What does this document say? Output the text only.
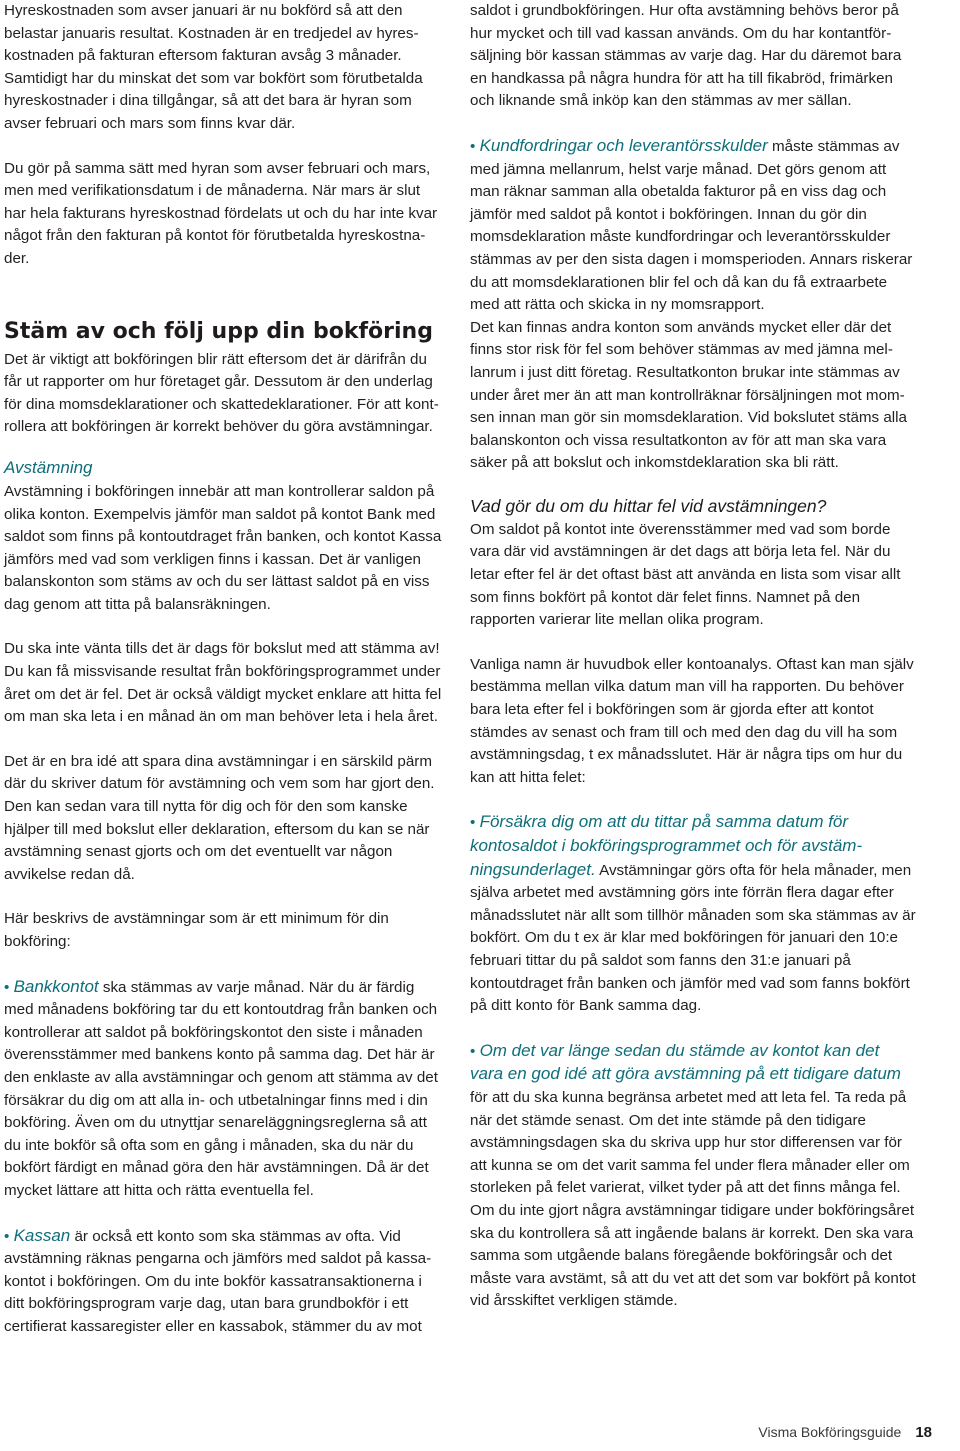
Hyreskostnaden som avser januari är nu bokförd så att den belastar januaris resultat. Kostnaden är en tredjedel av hyreskostnaden på fakturan eftersom fakturan avsåg 3 månader. Samtidigt har du minskat det som var bokfört som förutbetalda hyreskostnader i dina tillgångar, så att det bara är hyran som avser februari och mars som finns kvar där.

Du gör på samma sätt med hyran som avser februari och mars, men med verifikationsdatum i de månaderna. När mars är slut har hela fakturans hyreskostnad fördelats ut och du har inte kvar något från den fakturan på kontot för förutbetalda hyreskostnader.

Stäm av och följ upp din bokföring

Det är viktigt att bokföringen blir rätt eftersom det är därifrån du får ut rapporter om hur företaget går. Dessutom är den underlag för dina momsdeklarationer och skattedeklarationer. För att kontrollera att bokföringen är korrekt behöver du göra avstämningar.

Avstämning

Avstämning i bokföringen innebär att man kontrollerar saldon på olika konton. Exempelvis jämför man saldot på kontot Bank med saldot som finns på kontoutdraget från banken, och kontot Kassa jämförs med vad som verkligen finns i kassan. Det är vanligen balanskonton som stäms av och du ser lättast saldot på en viss dag genom att titta på balansräkningen.

Du ska inte vänta tills det är dags för bokslut med att stämma av! Du kan få missvisande resultat från bokföringsprogrammet under året om det är fel. Det är också väldigt mycket enklare att hitta fel om man ska leta i en månad än om man behöver leta i hela året.

Det är en bra idé att spara dina avstämningar i en särskild pärm där du skriver datum för avstämning och vem som har gjort den. Den kan sedan vara till nytta för dig och för den som kanske hjälper till med bokslut eller deklaration, eftersom du kan se när avstämning senast gjorts och om det eventuellt var någon avvikelse redan då.

Här beskrivs de avstämningar som är ett minimum för din bokföring:

• Bankkontot ska stämmas av varje månad. När du är färdig med månadens bokföring tar du ett kontoutdrag från banken och kontrollerar att saldot på bokföringskontot den siste i månaden överensstämmer med bankens konto på samma dag. Det här är den enklaste av alla avstämningar och genom att stämma av det försäkrar du dig om att alla in- och utbetalningar finns med i din bokföring. Även om du utnyttjar senareläggningsreglerna så att du inte bokför så ofta som en gång i månaden, ska du när du bokfört färdigt en månad göra den här avstämningen. Då är det mycket lättare att hitta och rätta eventuella fel.

• Kassan är också ett konto som ska stämmas av ofta. Vid avstämning räknas pengarna och jämförs med saldot på kassakontot i bokföringen. Om du inte bokför kassatransaktionerna i ditt bokföringsprogram varje dag, utan bara grundbokför i ett certifierat kassaregister eller en kassabok, stämmer du av mot

saldot i grundbokföringen. Hur ofta avstämning behövs beror på hur mycket och till vad kassan används. Om du har kontantförsäljning bör kassan stämmas av varje dag. Har du däremot bara en handkassa på några hundra för att ha till fikabröd, frimärken och liknande små inköp kan den stämmas av mer sällan.

• Kundfordringar och leverantörsskulder måste stämmas av med jämna mellanrum, helst varje månad. Det görs genom att man räknar samman alla obetalda fakturor på en viss dag och jämför med saldot på kontot i bokföringen. Innan du gör din momsdeklaration måste kundfordringar och leverantörsskulder stämmas av per den sista dagen i momsperioden. Annars riskerar du att momsdeklarationen blir fel och då kan du få extraarbete med att rätta och skicka in ny momsrapport.

Det kan finnas andra konton som används mycket eller där det finns stor risk för fel som behöver stämmas av med jämna mellanrum i just ditt företag. Resultatkonton brukar inte stämmas av under året mer än att man kontrollräknar försäljningen mot momsen innan man gör sin momsdeklaration. Vid bokslutet stäms alla balanskonton och vissa resultatkonton av för att man ska vara säker på att bokslut och inkomstdeklaration ska bli rätt.

Vad gör du om du hittar fel vid avstämningen?

Om saldot på kontot inte överensstämmer med vad som borde vara där vid avstämningen är det dags att börja leta fel. När du letar efter fel är det oftast bäst att använda en lista som visar allt som finns bokfört på kontot där felet finns. Namnet på den rapporten varierar lite mellan olika program.

Vanliga namn är huvudbok eller kontoanalys. Oftast kan man själv bestämma mellan vilka datum man vill ha rapporten. Du behöver bara leta efter fel i bokföringen som är gjorda efter att kontot stämdes av senast och fram till och med den dag du vill ha som avstämningsdag, t ex månadsslutet. Här är några tips om hur du kan att hitta felet:

• Försäkra dig om att du tittar på samma datum för kontosaldot i bokföringsprogrammet och för avstämningsunderlaget. Avstämningar görs ofta för hela månader, men själva arbetet med avstämning görs inte förrän flera dagar efter månadsslutet när allt som tillhör månaden som ska stämmas av är bokfört. Om du t ex är klar med bokföringen för januari den 10:e februari tittar du på saldot som fanns den 31:e januari på kontoutdraget från banken och jämför med vad som fanns bokfört på ditt konto för Bank samma dag.

• Om det var länge sedan du stämde av kontot kan det vara en god idé att göra avstämning på ett tidigare datum för att du ska kunna begränsa arbetet med att leta fel. Ta reda på när det stämde senast. Om det inte stämde på den tidigare avstämningsdagen ska du skriva upp hur stor differensen var för att kunna se om det varit samma fel under flera månader eller om storleken på felet varierat, vilket tyder på att det finns många fel. Om du inte gjort några avstämningar tidigare under bokföringsåret ska du kontrollera så att ingående balans är korrekt. Den ska vara samma som utgående balans föregående bokföringsår och det måste vara avstämt, så att du vet att det som var bokfört på kontot vid årsskiftet verkligen stämde.

Visma Bokföringsguide 18
